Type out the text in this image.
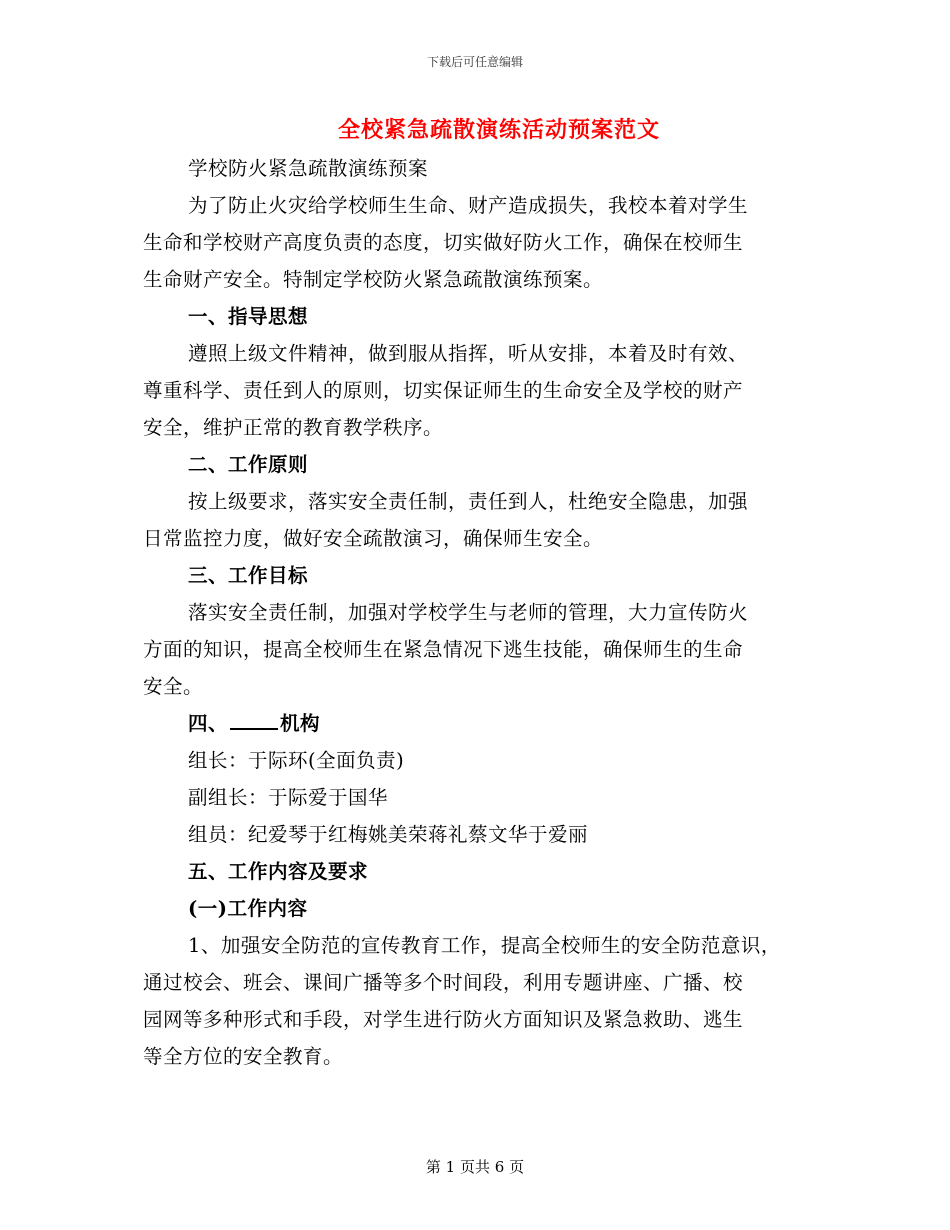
下载后可任意编辑
全校紧急疏散演练活动预案范文
学校防火紧急疏散演练预案
为了防止火灾给学校师生生命、财产造成损失，我校本着对学生
生命和学校财产高度负责的态度，切实做好防火工作，确保在校师生
生命财产安全。特制定学校防火紧急疏散演练预案。
一、指导思想
遵照上级文件精神，做到服从指挥，听从安排，本着及时有效、
尊重科学、责任到人的原则，切实保证师生的生命安全及学校的财产
安全，维护正常的教育教学秩序。
二、工作原则
按上级要求，落实安全责任制，责任到人，杜绝安全隐患，加强
日常监控力度，做好安全疏散演习，确保师生安全。
三、工作目标
落实安全责任制，加强对学校学生与老师的管理，大力宣传防火
方面的知识，提高全校师生在紧急情况下逃生技能，确保师生的生命
安全。
四、	机构
组长：于际环(全面负责)
副组长：于际爱于国华
组员：纪爱琴于红梅姚美荣蒋礼蔡文华于爱丽
五、工作内容及要求
(一)工作内容
1、加强安全防范的宣传教育工作，提高全校师生的安全防范意识，
通过校会、班会、课间广播等多个时间段，利用专题讲座、广播、校
园网等多种形式和手段，对学生进行防火方面知识及紧急救助、逃生
等全方位的安全教育。
第 1 页共 6 页
